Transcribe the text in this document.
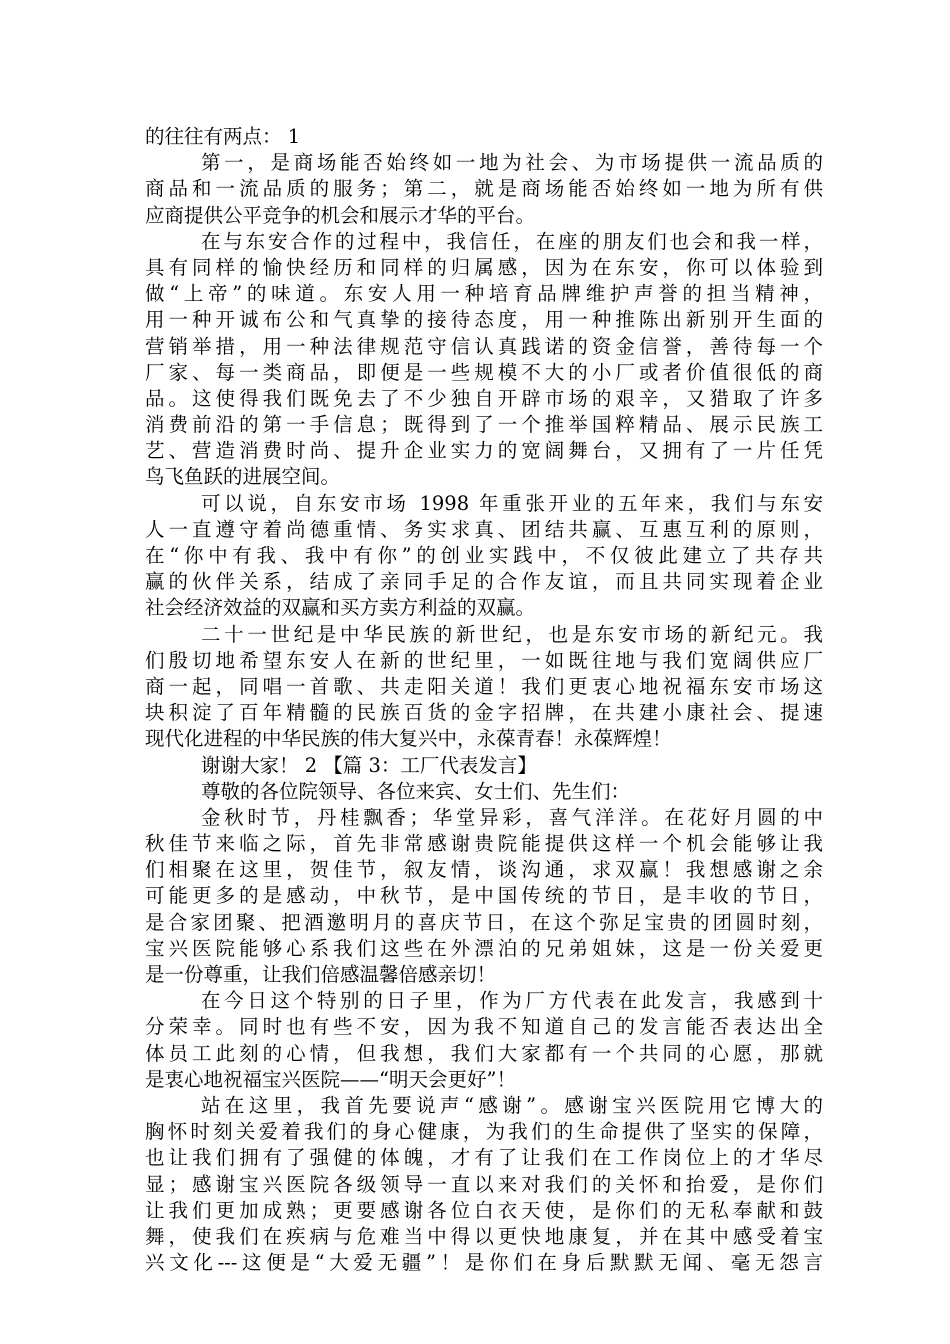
的往往有两点： 1
第一，是商场能否始终如一地为社会、为市场提供一流品质的
商品和一流品质的服务；第二，就是商场能否始终如一地为所有供
应商提供公平竞争的机会和展示才华的平台。
在与东安合作的过程中，我信任，在座的朋友们也会和我一样，
具有同样的愉快经历和同样的归属感，因为在东安，你可以体验到
做“上帝”的味道。东安人用一种培育品牌维护声誉的担当精神，
用一种开诚布公和气真挚的接待态度，用一种推陈出新别开生面的
营销举措，用一种法律规范守信认真践诺的资金信誉，善待每一个
厂家、每一类商品，即便是一些规模不大的小厂或者价值很低的商
品。这使得我们既免去了不少独自开辟市场的艰辛，又猎取了许多
消费前沿的第一手信息；既得到了一个推举国粹精品、展示民族工
艺、营造消费时尚、提升企业实力的宽阔舞台，又拥有了一片任凭
鸟飞鱼跃的进展空间。
可以说，自东安市场 1998 年重张开业的五年来，我们与东安
人一直遵守着尚德重情、务实求真、团结共赢、互惠互利的原则，
在“你中有我、我中有你”的创业实践中，不仅彼此建立了共存共
赢的伙伴关系，结成了亲同手足的合作友谊，而且共同实现着企业
社会经济效益的双赢和买方卖方利益的双赢。
二十一世纪是中华民族的新世纪，也是东安市场的新纪元。我
们殷切地希望东安人在新的世纪里，一如既往地与我们宽阔供应厂
商一起，同唱一首歌、共走阳关道！我们更衷心地祝福东安市场这
块积淀了百年精髓的民族百货的金字招牌，在共建小康社会、提速
现代化进程的中华民族的伟大复兴中，永葆青春！永葆辉煌！
谢谢大家！ 2 【篇 3：工厂代表发言】
尊敬的各位院领导、各位来宾、女士们、先生们：
金秋时节，丹桂飘香；华堂异彩，喜气洋洋。在花好月圆的中
秋佳节来临之际，首先非常感谢贵院能提供这样一个机会能够让我
们相聚在这里，贺佳节，叙友情，谈沟通，求双赢！我想感谢之余
可能更多的是感动，中秋节，是中国传统的节日，是丰收的节日，
是合家团聚、把酒邀明月的喜庆节日，在这个弥足宝贵的团圆时刻，
宝兴医院能够心系我们这些在外漂泊的兄弟姐妹，这是一份关爱更
是一份尊重，让我们倍感温馨倍感亲切！
在今日这个特别的日子里，作为厂方代表在此发言，我感到十
分荣幸。同时也有些不安，因为我不知道自己的发言能否表达出全
体员工此刻的心情，但我想，我们大家都有一个共同的心愿，那就
是衷心地祝福宝兴医院——“明天会更好”！
站在这里，我首先要说声“感谢”。感谢宝兴医院用它博大的
胸怀时刻关爱着我们的身心健康，为我们的生命提供了坚实的保障，
也让我们拥有了强健的体魄，才有了让我们在工作岗位上的才华尽
显；感谢宝兴医院各级领导一直以来对我们的关怀和抬爱，是你们
让我们更加成熟；更要感谢各位白衣天使，是你们的无私奉献和鼓
舞，使我们在疾病与危难当中得以更快地康复，并在其中感受着宝
兴文化---这便是“大爱无疆”！是你们在身后默默无闻、毫无怨言
